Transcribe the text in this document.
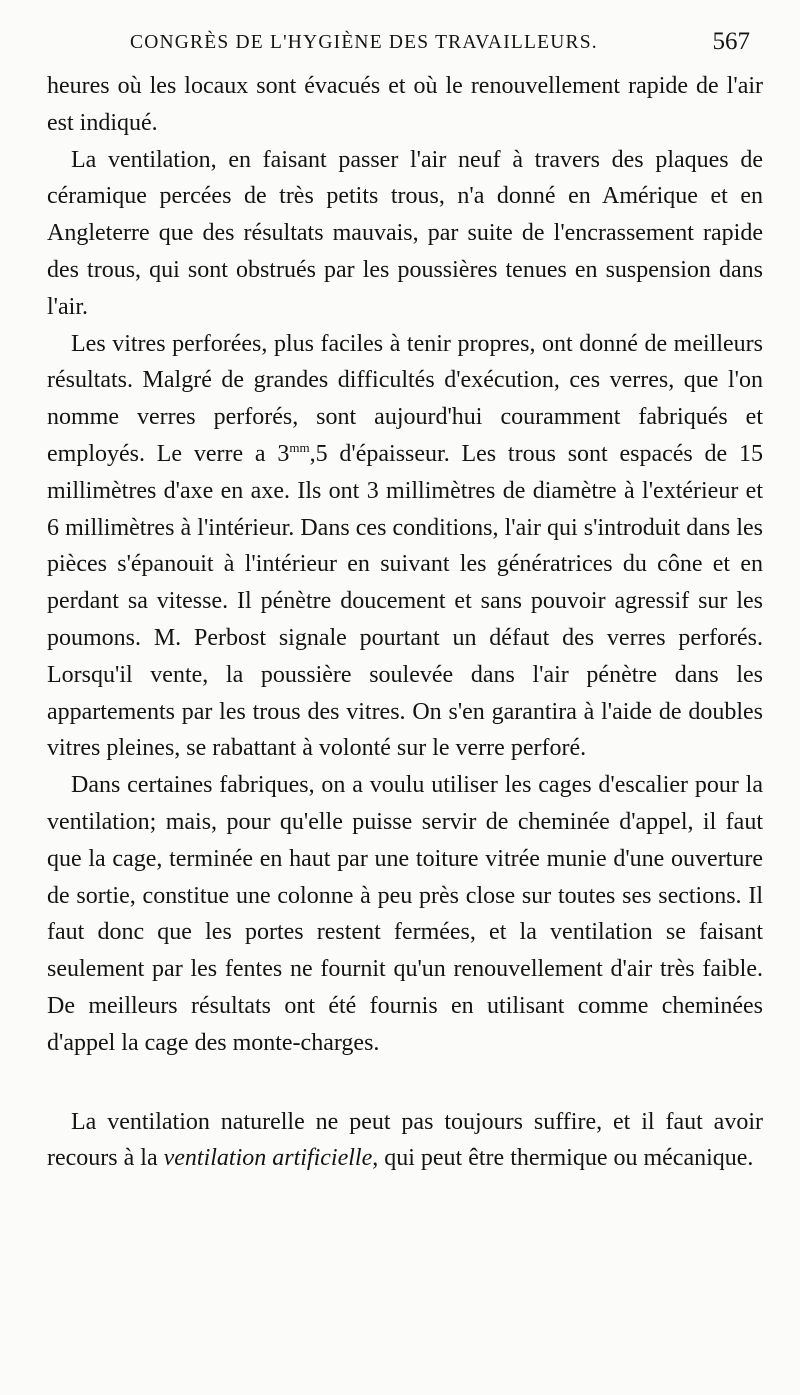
CONGRÈS DE L'HYGIÈNE DES TRAVAILLEURS.	567

heures où les locaux sont évacués et où le renouvellement rapide de l'air est indiqué.

La ventilation, en faisant passer l'air neuf à travers des plaques de céramique percées de très petits trous, n'a donné en Amérique et en Angleterre que des résultats mauvais, par suite de l'encrassement rapide des trous, qui sont obstrués par les poussières tenues en suspension dans l'air.

Les vitres perforées, plus faciles à tenir propres, ont donné de meilleurs résultats. Malgré de grandes difficultés d'exécution, ces verres, que l'on nomme verres perforés, sont aujourd'hui couramment fabriqués et employés. Le verre a $3^{mm},5$ d'épaisseur. Les trous sont espacés de 15 millimètres d'axe en axe. Ils ont 3 millimètres de diamètre à l'extérieur et 6 millimètres à l'intérieur. Dans ces conditions, l'air qui s'introduit dans les pièces s'épanouit à l'intérieur en suivant les génératrices du cône et en perdant sa vitesse. Il pénètre doucement et sans pouvoir agressif sur les poumons. M. Perbost signale pourtant un défaut des verres perforés. Lorsqu'il vente, la poussière soulevée dans l'air pénètre dans les appartements par les trous des vitres. On s'en garantira à l'aide de doubles vitres pleines, se rabattant à volonté sur le verre perforé.

Dans certaines fabriques, on a voulu utiliser les cages d'escalier pour la ventilation; mais, pour qu'elle puisse servir de cheminée d'appel, il faut que la cage, terminée en haut par une toiture vitrée munie d'une ouverture de sortie, constitue une colonne à peu près close sur toutes ses sections. Il faut donc que les portes restent fermées, et la ventilation se faisant seulement par les fentes ne fournit qu'un renouvellement d'air très faible. De meilleurs résultats ont été fournis en utilisant comme cheminées d'appel la cage des monte-charges.

La ventilation naturelle ne peut pas toujours suffire, et il faut avoir recours à la ventilation artificielle, qui peut être thermique ou mécanique.
